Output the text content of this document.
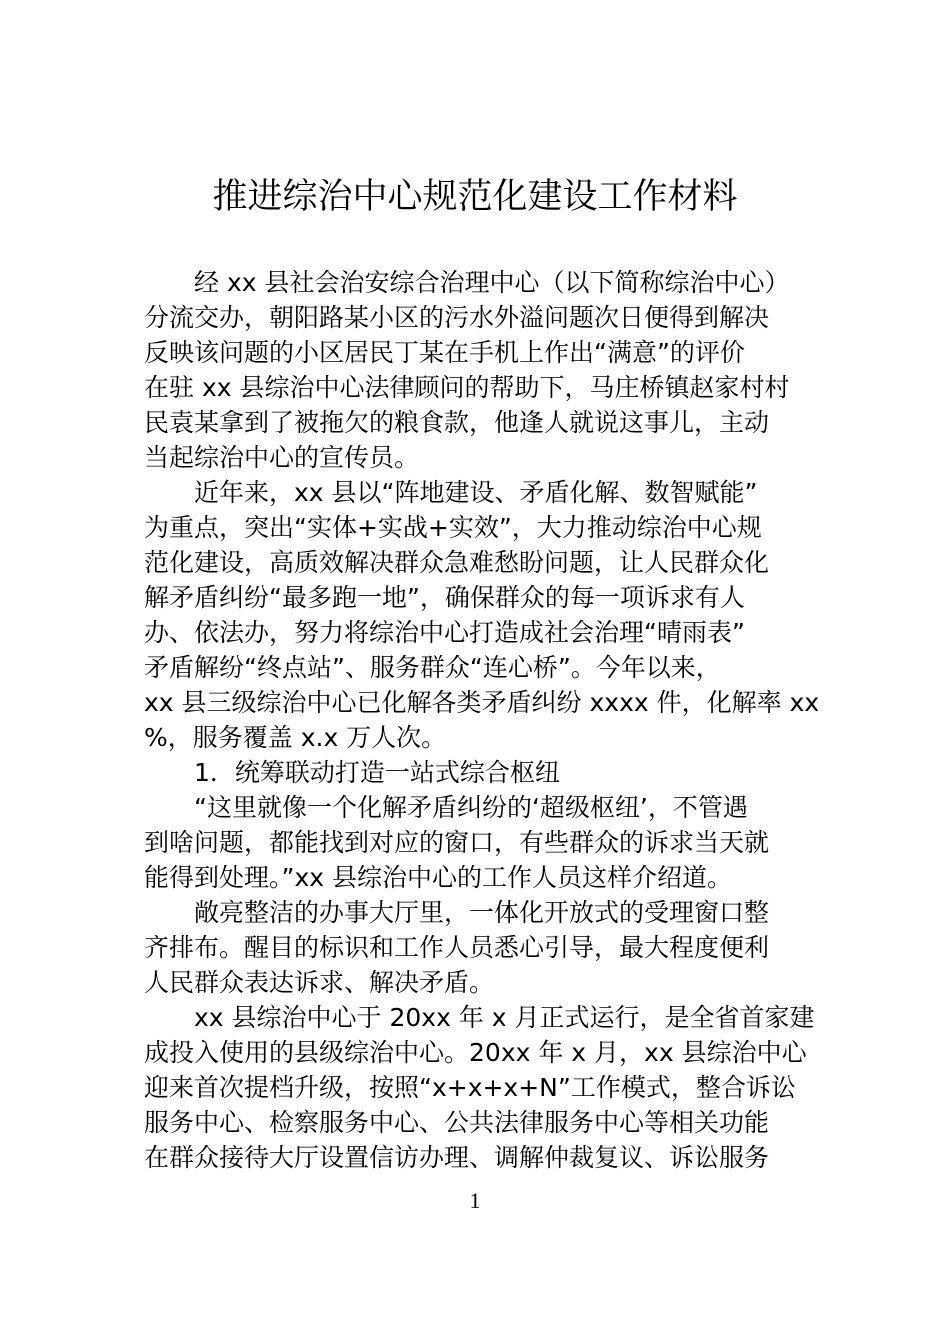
推进综治中心规范化建设工作材料
经 xx 县社会治安综合治理中心（以下简称综治中心）
分流交办，朝阳路某小区的污水外溢问题次日便得到解决
反映该问题的小区居民丁某在手机上作出“满意”的评价
在驻 xx 县综治中心法律顾问的帮助下，马庄桥镇赵家村村
民袁某拿到了被拖欠的粮食款，他逢人就说这事儿，主动
当起综治中心的宣传员。
近年来，xx 县以“阵地建设、矛盾化解、数智赋能”
为重点，突出“实体+实战+实效”，大力推动综治中心规
范化建设，高质效解决群众急难愁盼问题，让人民群众化
解矛盾纠纷“最多跑一地”，确保群众的每一项诉求有人
办、依法办，努力将综治中心打造成社会治理“晴雨表”
矛盾解纷“终点站”、服务群众“连心桥”。今年以来，
xx 县三级综治中心已化解各类矛盾纠纷 xxxx 件，化解率 xx
%，服务覆盖 x.x 万人次。
1．统筹联动打造一站式综合枢纽
“这里就像一个化解矛盾纠纷的‘超级枢纽’，不管遇
到啥问题，都能找到对应的窗口，有些群众的诉求当天就
能得到处理。”xx 县综治中心的工作人员这样介绍道。
敞亮整洁的办事大厅里，一体化开放式的受理窗口整
齐排布。醒目的标识和工作人员悉心引导，最大程度便利
人民群众表达诉求、解决矛盾。
xx 县综治中心于 20xx 年 x 月正式运行，是全省首家建
成投入使用的县级综治中心。20xx 年 x 月，xx 县综治中心
迎来首次提档升级，按照“x+x+x+N”工作模式，整合诉讼
服务中心、检察服务中心、公共法律服务中心等相关功能
在群众接待大厅设置信访办理、调解仲裁复议、诉讼服务
1
